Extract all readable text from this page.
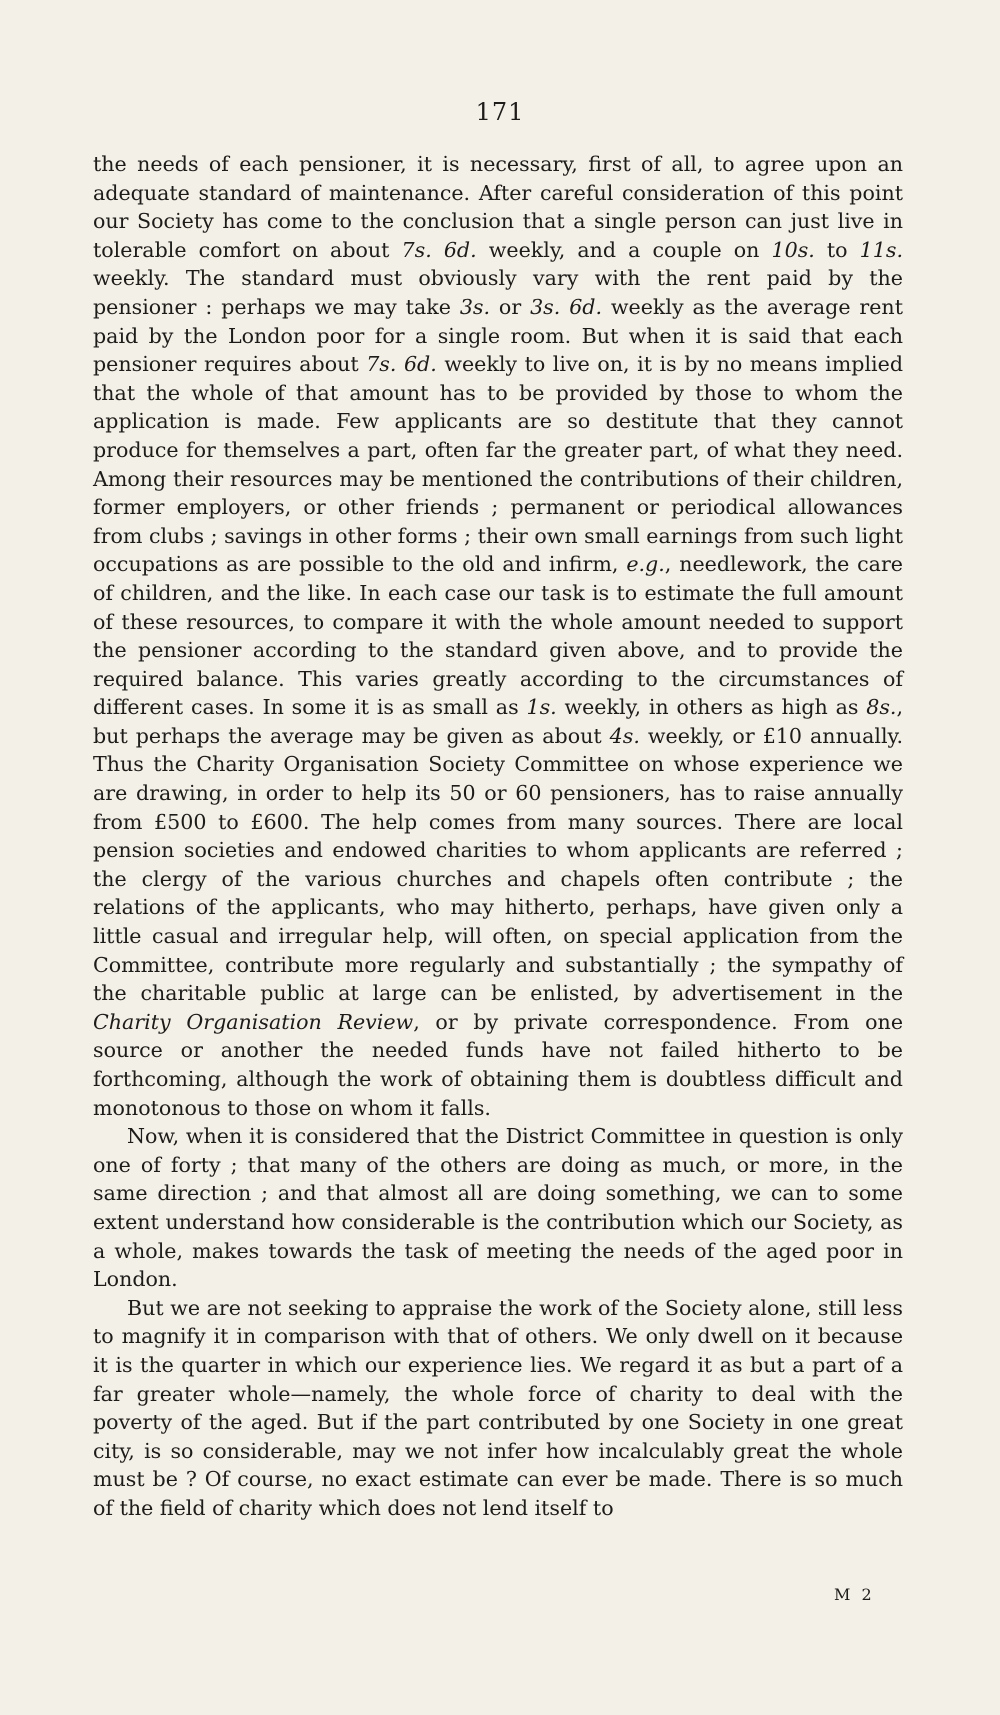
171

the needs of each pensioner, it is necessary, first of all, to agree upon an adequate standard of maintenance. After careful consideration of this point our Society has come to the conclusion that a single person can just live in tolerable comfort on about 7s. 6d. weekly, and a couple on 10s. to 11s. weekly. The standard must obviously vary with the rent paid by the pensioner : perhaps we may take 3s. or 3s. 6d. weekly as the average rent paid by the London poor for a single room. But when it is said that each pensioner requires about 7s. 6d. weekly to live on, it is by no means implied that the whole of that amount has to be provided by those to whom the application is made. Few applicants are so destitute that they cannot produce for themselves a part, often far the greater part, of what they need. Among their resources may be mentioned the contributions of their children, former employers, or other friends ; permanent or periodical allowances from clubs ; savings in other forms ; their own small earnings from such light occupations as are possible to the old and infirm, e.g., needlework, the care of children, and the like. In each case our task is to estimate the full amount of these resources, to compare it with the whole amount needed to support the pensioner according to the standard given above, and to provide the required balance. This varies greatly according to the circumstances of different cases. In some it is as small as 1s. weekly, in others as high as 8s., but perhaps the average may be given as about 4s. weekly, or £10 annually. Thus the Charity Organisation Society Committee on whose experience we are drawing, in order to help its 50 or 60 pensioners, has to raise annually from £500 to £600. The help comes from many sources. There are local pension societies and endowed charities to whom applicants are referred ; the clergy of the various churches and chapels often contribute ; the relations of the applicants, who may hitherto, perhaps, have given only a little casual and irregular help, will often, on special application from the Committee, contribute more regularly and substantially ; the sympathy of the charitable public at large can be enlisted, by advertisement in the Charity Organisation Review, or by private correspondence. From one source or another the needed funds have not failed hitherto to be forthcoming, although the work of obtaining them is doubtless difficult and monotonous to those on whom it falls.

Now, when it is considered that the District Committee in question is only one of forty ; that many of the others are doing as much, or more, in the same direction ; and that almost all are doing something, we can to some extent understand how considerable is the contribution which our Society, as a whole, makes towards the task of meeting the needs of the aged poor in London.

But we are not seeking to appraise the work of the Society alone, still less to magnify it in comparison with that of others. We only dwell on it because it is the quarter in which our experience lies. We regard it as but a part of a far greater whole—namely, the whole force of charity to deal with the poverty of the aged. But if the part contributed by one Society in one great city, is so considerable, may we not infer how incalculably great the whole must be ? Of course, no exact estimate can ever be made. There is so much of the field of charity which does not lend itself to

M 2
